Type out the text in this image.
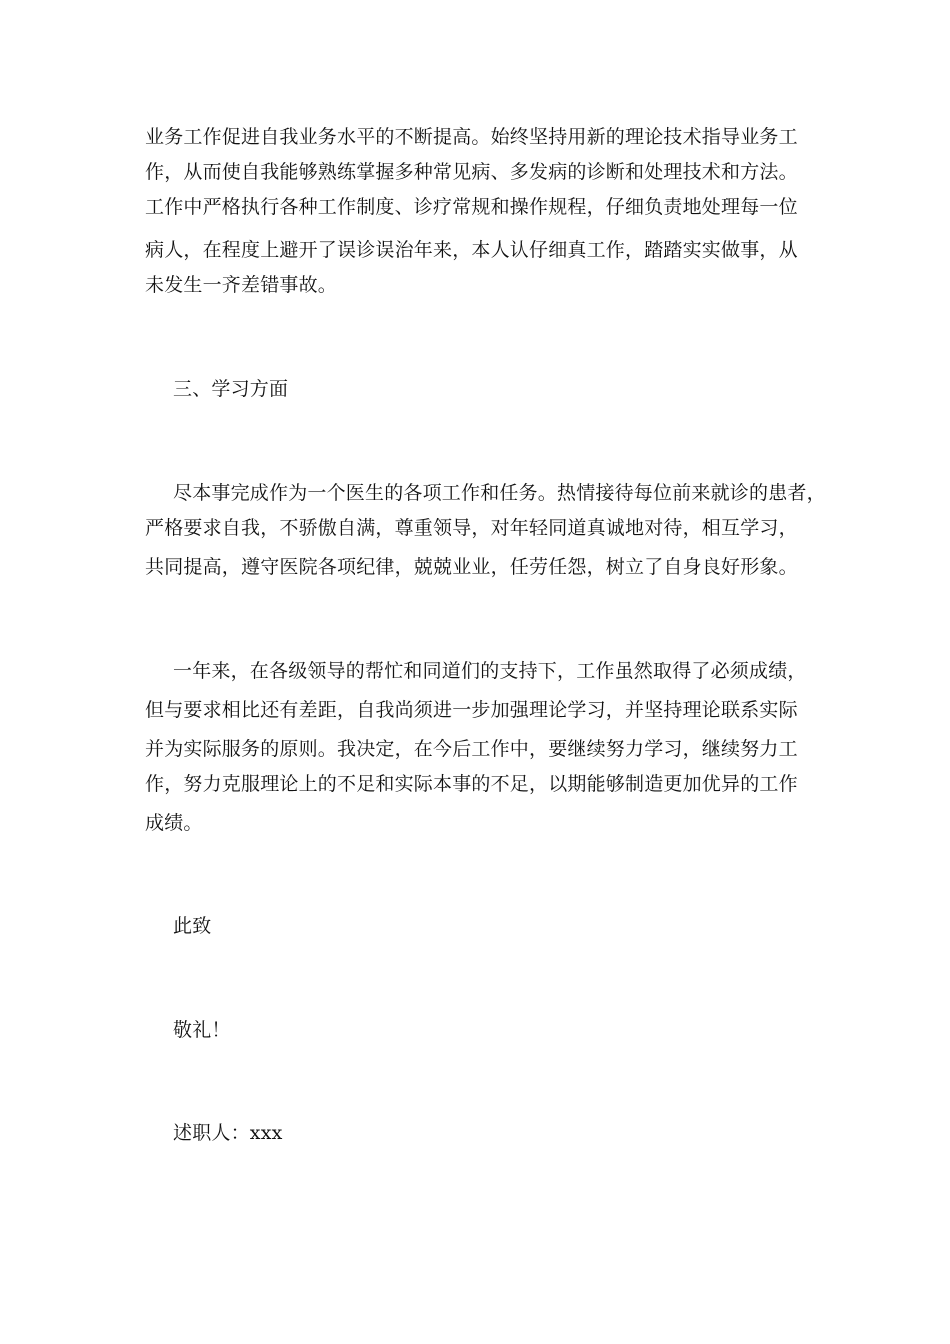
业务工作促进自我业务水平的不断提高。始终坚持用新的理论技术指导业务工
作，从而使自我能够熟练掌握多种常见病、多发病的诊断和处理技术和方法。
工作中严格执行各种工作制度、诊疗常规和操作规程，仔细负责地处理每一位
病人，在程度上避开了误诊误治年来，本人认仔细真工作，踏踏实实做事，从
未发生一齐差错事故。
三、学习方面
尽本事完成作为一个医生的各项工作和任务。热情接待每位前来就诊的患者，
严格要求自我，不骄傲自满，尊重领导，对年轻同道真诚地对待，相互学习，
共同提高，遵守医院各项纪律，兢兢业业，任劳任怨，树立了自身良好形象。
一年来，在各级领导的帮忙和同道们的支持下，工作虽然取得了必须成绩，
但与要求相比还有差距，自我尚须进一步加强理论学习，并坚持理论联系实际
并为实际服务的原则。我决定，在今后工作中，要继续努力学习，继续努力工
作，努力克服理论上的不足和实际本事的不足，以期能够制造更加优异的工作
成绩。
此致
敬礼！
述职人：xxx
